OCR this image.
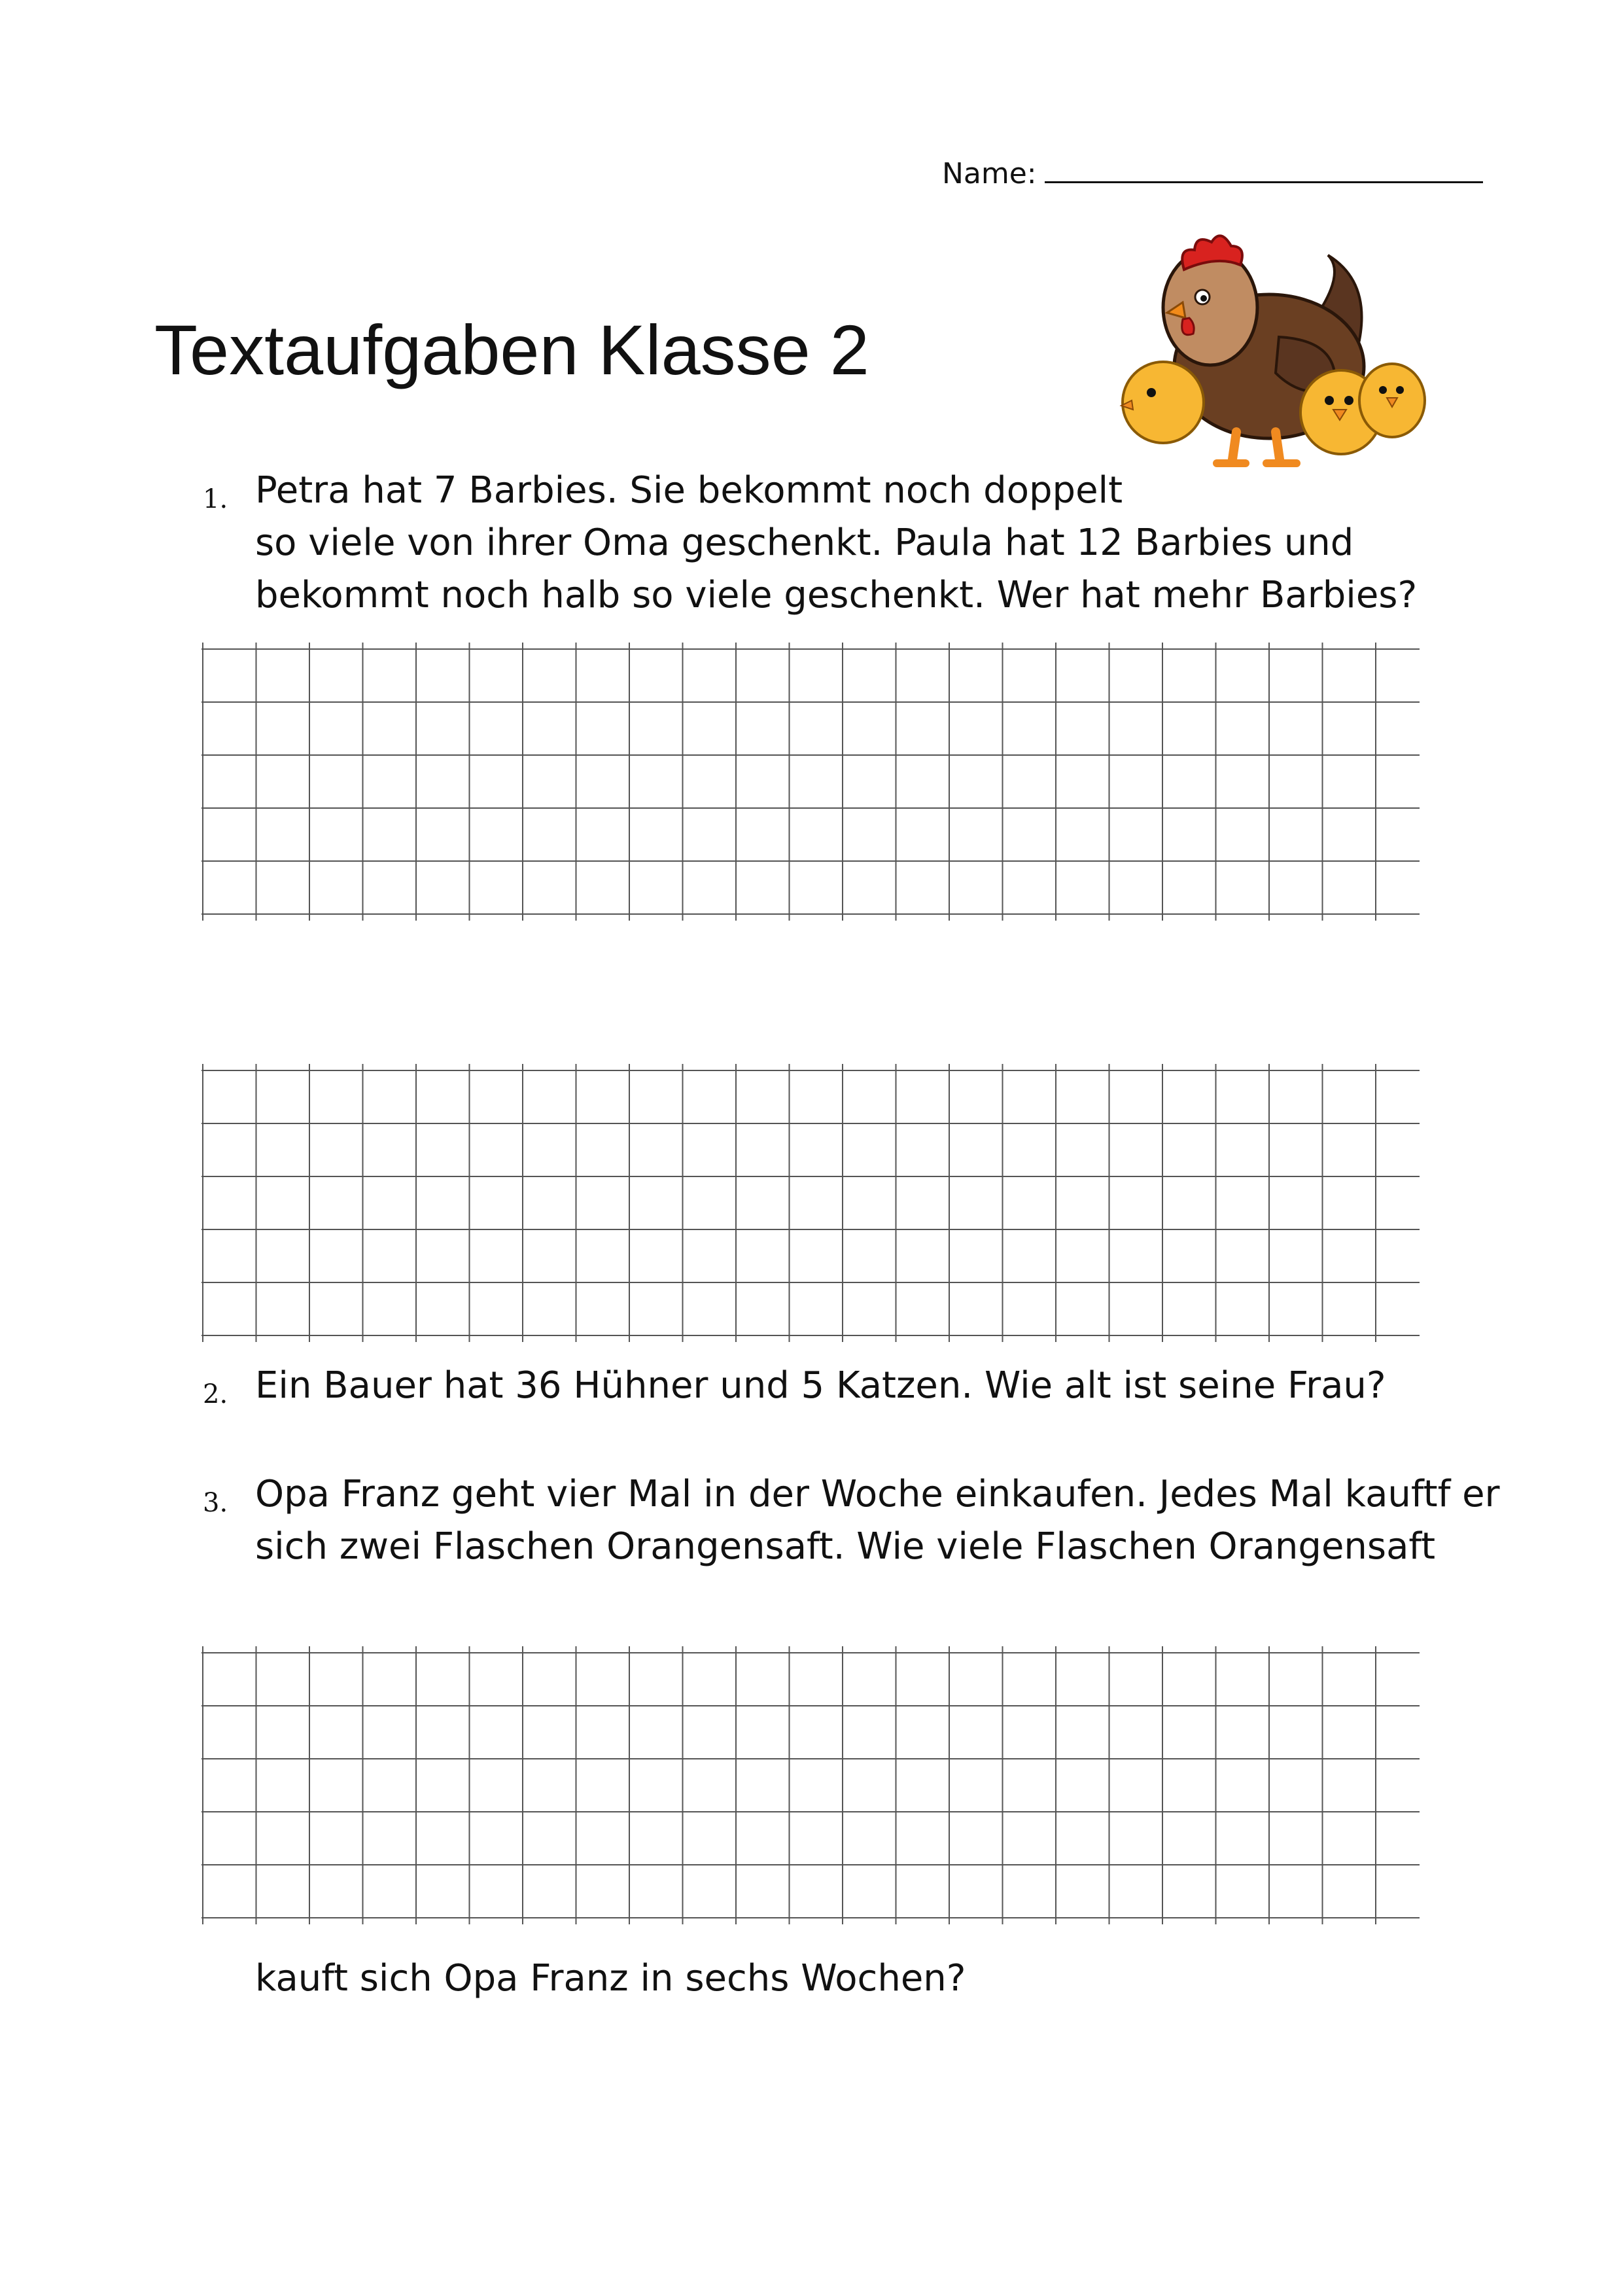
Name:
Textaufgaben Klasse 2
1. Petra hat 7 Barbies. Sie bekommt noch doppelt
so viele von ihrer Oma geschenkt. Paula hat 12 Barbies und
bekommt noch halb so viele geschenkt. Wer hat mehr Barbies?
2. Ein Bauer hat 36 Hühner und 5 Katzen. Wie alt ist seine Frau?
3. Opa Franz geht vier Mal in der Woche einkaufen. Jedes Mal kauftf er
sich zwei Flaschen Orangensaft. Wie viele Flaschen Orangensaft
kauft sich Opa Franz in sechs Wochen?
